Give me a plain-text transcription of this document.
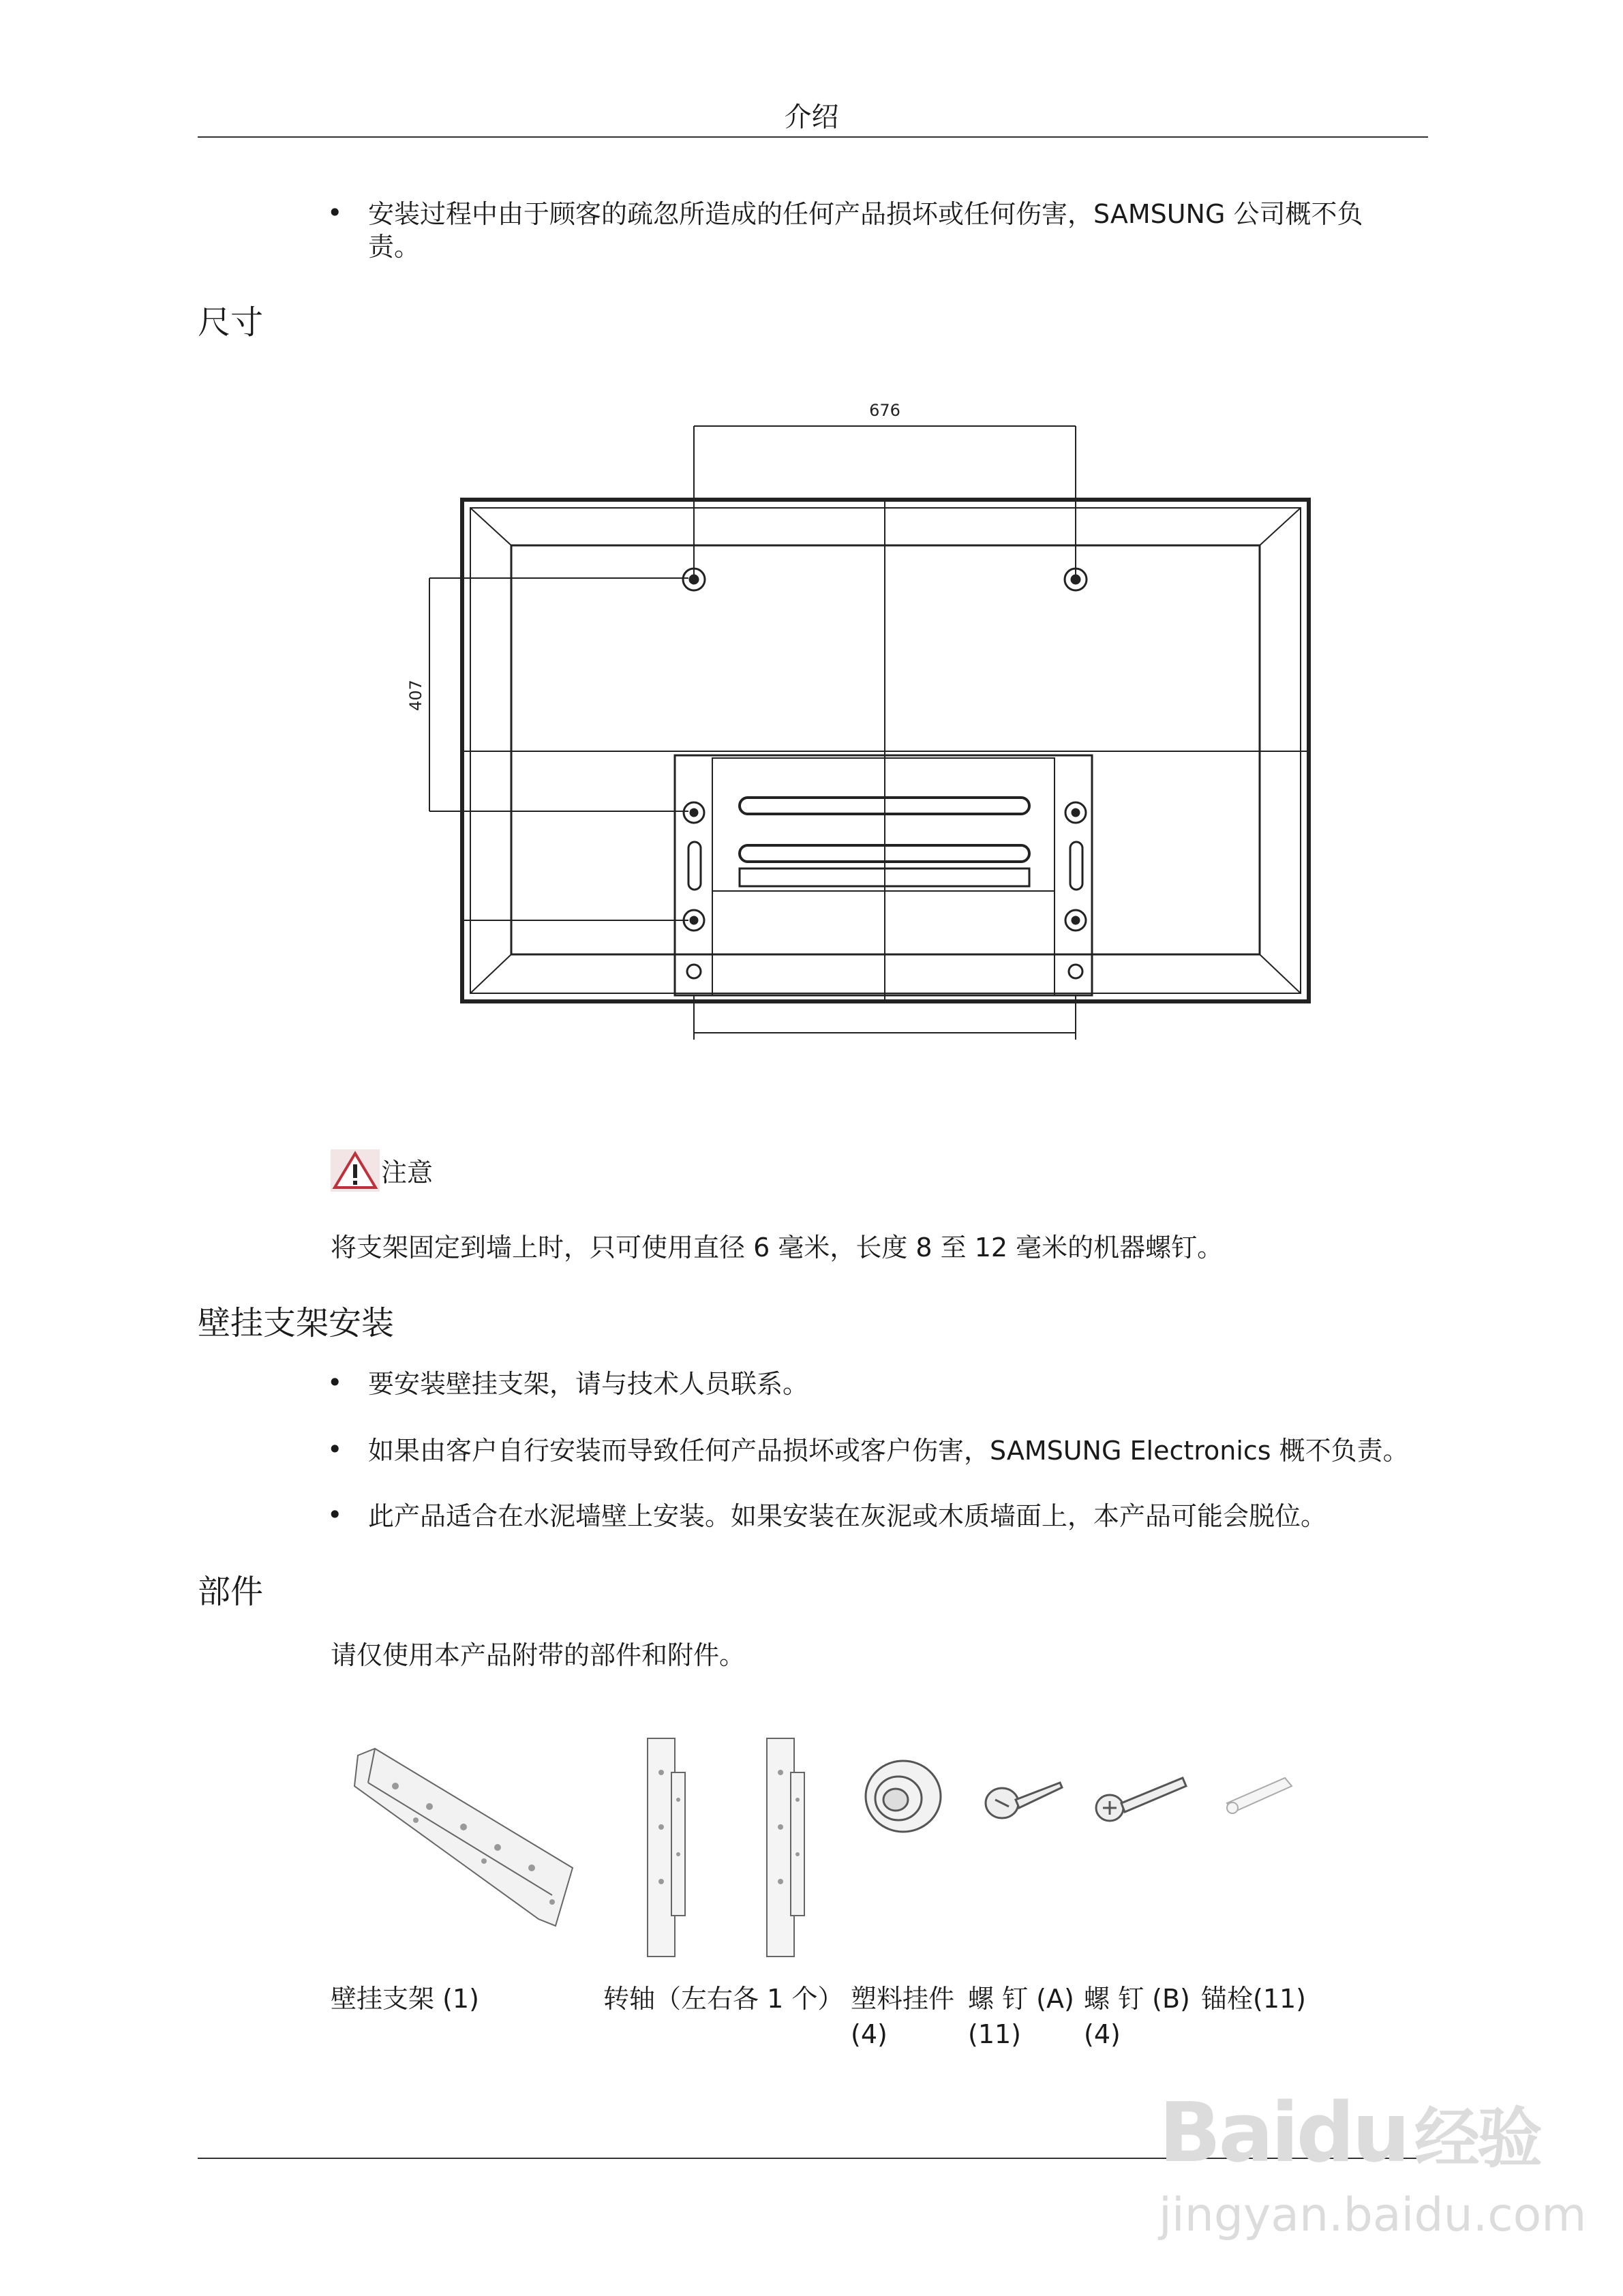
介绍
• 安装过程中由于顾客的疏忽所造成的任何产品损坏或任何伤害，SAMSUNG 公司概不负
责。
尺寸
676
407
注意
将支架固定到墙上时，只可使用直径 6 毫米，长度 8 至 12 毫米的机器螺钉。
壁挂支架安装
• 要安装壁挂支架，请与技术人员联系。
• 如果由客户自行安装而导致任何产品损坏或客户伤害，SAMSUNG Electronics 概不负责。
• 此产品适合在水泥墙壁上安装。如果安装在灰泥或木质墙面上，本产品可能会脱位。
部件
请仅使用本产品附带的部件和附件。
壁挂支架 (1)	转轴（左右各 1 个） 塑料挂件
(4)
螺 钉 (A)
(11)
螺 钉 (B)
(4)
锚栓(11)
Baidu 经验
jingyan.baidu.com
